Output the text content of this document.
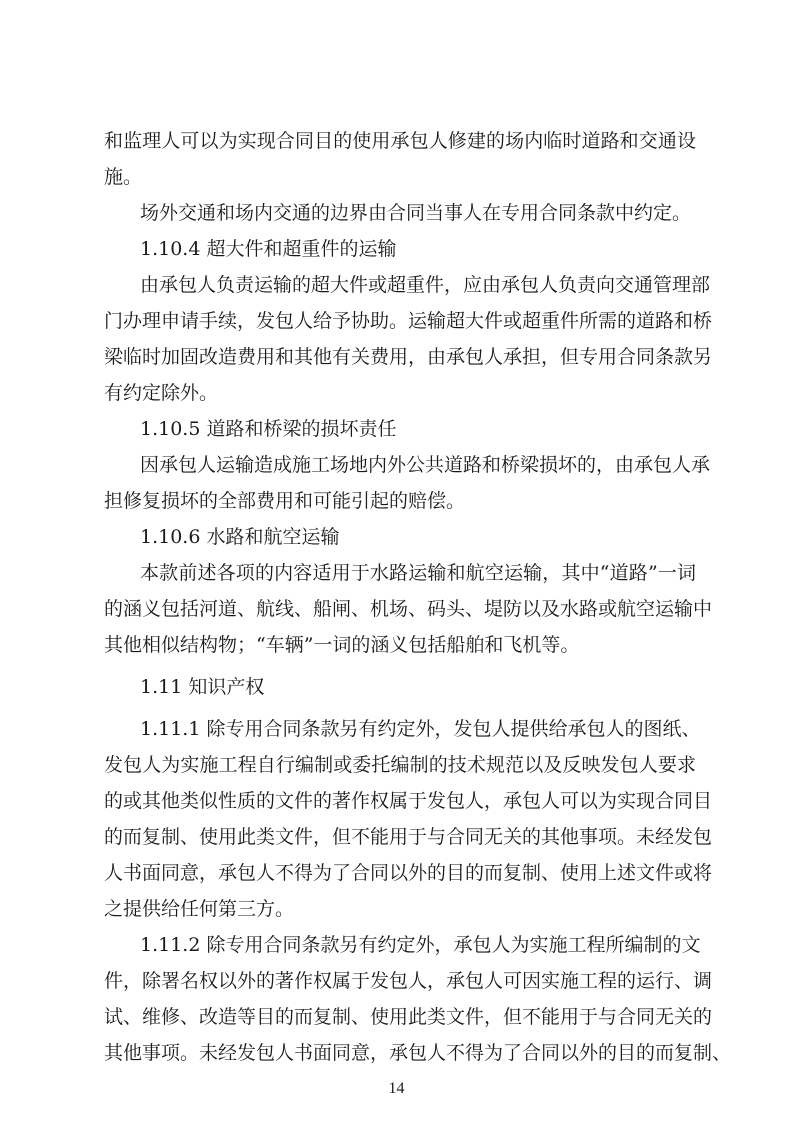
和监理人可以为实现合同目的使用承包人修建的场内临时道路和交通设
施。
场外交通和场内交通的边界由合同当事人在专用合同条款中约定。
1.10.4 超大件和超重件的运输
由承包人负责运输的超大件或超重件，应由承包人负责向交通管理部
门办理申请手续，发包人给予协助。运输超大件或超重件所需的道路和桥
梁临时加固改造费用和其他有关费用，由承包人承担，但专用合同条款另
有约定除外。
1.10.5 道路和桥梁的损坏责任
因承包人运输造成施工场地内外公共道路和桥梁损坏的，由承包人承
担修复损坏的全部费用和可能引起的赔偿。
1.10.6 水路和航空运输
本款前述各项的内容适用于水路运输和航空运输，其中“道路”一词
的涵义包括河道、航线、船闸、机场、码头、堤防以及水路或航空运输中
其他相似结构物；“车辆”一词的涵义包括船舶和飞机等。
1.11 知识产权
1.11.1 除专用合同条款另有约定外，发包人提供给承包人的图纸、
发包人为实施工程自行编制或委托编制的技术规范以及反映发包人要求
的或其他类似性质的文件的著作权属于发包人，承包人可以为实现合同目
的而复制、使用此类文件，但不能用于与合同无关的其他事项。未经发包
人书面同意，承包人不得为了合同以外的目的而复制、使用上述文件或将
之提供给任何第三方。
1.11.2 除专用合同条款另有约定外，承包人为实施工程所编制的文
件，除署名权以外的著作权属于发包人，承包人可因实施工程的运行、调
试、维修、改造等目的而复制、使用此类文件，但不能用于与合同无关的
其他事项。未经发包人书面同意，承包人不得为了合同以外的目的而复制、
14
